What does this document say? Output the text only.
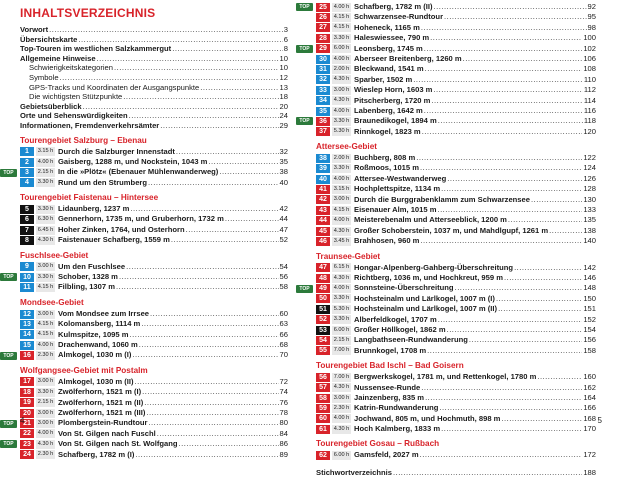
INHALTSVERZEICHNIS
Vorwort .....	3
Übersichtskarte .....	6
Top-Touren im westlichen Salzkammergut .....	8
Allgemeine Hinweise .....	10
Schwierigkeitskategorien .....	10
Symbole .....	12
GPS-Tracks und Koordinaten der Ausgangspunkte .....	13
Die wichtigsten Stützpunkte .....	18
Gebietsüberblick .....	20
Orte und Sehenswürdigkeiten .....	24
Informationen, Fremdenverkehrsämter .....	29
Tourengebiet Salzburg – Ebenau
1	3.15 h Durch die Salzburger Innenstadt .....	32
2	4.00 h Gaisberg, 1288 m, und Nockstein, 1043 m .....	35
TOP	3	2.15 h In die »Plötz« (Ebenauer Mühlenwanderweg) .....	38
4	3.30 h Rund um den Strumberg .....	40
Tourengebiet Faistenau – Hintersee
5	3.30 h Lidaunberg, 1237 m .....	42
6	6.30 h Gennerhorn, 1735 m, und Gruberhorn, 1732 m .....	44
7	6.45 h Hoher Zinken, 1764, und Osterhorn .....	47
8	4.30 h Faistenauer Schafberg, 1559 m .....	52
Fuschlsee-Gebiet
9	3.00 h Um den Fuschlsee .....	54
TOP	10	3.30 h Schober, 1328 m .....	56
11	4.15 h Filbling, 1307 m .....	58
Mondsee-Gebiet
12	3.00 h Vom Mondsee zum Irrsee .....	60
13	4.15 h Kolomansberg, 1114 m .....	63
14	4.15 h Kulmspitze, 1095 m .....	66
15	4.00 h Drachenwand, 1060 m .....	68
TOP	16	2.30 h Almkogel, 1030 m (I) .....	70
Wolfgangsee-Gebiet mit Postalm
17	3.00 h Almkogel, 1030 m (II) .....	72
18	3.30 h Zwölferhorn, 1521 m (I) .....	74
19	2.15 h Zwölferhorn, 1521 m (II) .....	76
20	3.00 h Zwölferhorn, 1521 m (III) .....	78
TOP	21	3.00 h Plombergstein-Rundtour .....	80
22	4.00 h Von St. Gilgen nach Fuschl .....	84
TOP	23	4.30 h Von St. Gilgen nach St. Wolfgang .....	86
24	2.30 h Schafberg, 1782 m (I) .....	89
4
TOP	25	4.00 h Schafberg, 1782 m (II) .....	92
26	4.15 h Schwarzensee-Rundtour .....	95
27	4.15 h Hoheneck, 1165 m .....	98
28	3.30 h Haleswiessee, 790 m .....	100
TOP	29	6.00 h Leonsberg, 1745 m .....	102
30	4.00 h Aberseer Breitenberg, 1260 m .....	106
31	2.00 h Bleckwand, 1541 m .....	108
32	4.30 h Sparber, 1502 m .....	110
33	3.00 h Wieslер Horn, 1603 m .....	112
34	4.30 h Pitscherberg, 1720 m .....	114
35	4.00 h Labenberg, 1642 m .....	116
TOP	36	3.30 h Braunedikogel, 1894 m .....	118
37	5.30 h Rinnkogel, 1823 m .....	120
Attersee-Gebiet
38	2.00 h Buchberg, 808 m .....	122
39	3.30 h Roßmoos, 1015 m .....	124
40	4.00 h Atterseе-Westwanderweg .....	126
41	3.15 h Hochplettspitze, 1134 m .....	128
42	3.00 h Durch die Burggrabenklamm zum Schwarzensee .....	130
43	4.15 h Eisenauer Alm, 1015 m .....	133
44	4.00 h Meisterebenalm und Atterseeblick, 1200 m .....	135
45	4.30 h Großer Schoberstein, 1037 m, und Mahdlgupf, 1261 m .....	138
46	3.45 h Brahhosen, 960 m .....	140
Traunsee-Gebiet
47	6.15 h Hongar-Alpenberg-Gahberg-Überschreitung .....	142
48	4.30 h Richtberg, 1036 m, und Hochkreut, 959 m .....	146
TOP	49	4.00 h Sonnsteine-Überschreitung .....	148
50	3.30 h Hochsteinalm und Lärlkogel, 1007 m (I) .....	150
51	5.30 h Hochsteinalm und Lärlkogel, 1007 m (II) .....	151
52	3.30 h Alberfeldkogel, 1707 m .....	152
53	6.00 h Großer Höllkogel, 1862 m .....	154
54	2.15 h Langbathseen-Rundwanderung .....	156
55	7.00 h Brunnkogel, 1708 m .....	158
Tourengebiet Bad Ischl – Bad Goisern
56	7.00 h Bergwerkskogel, 1781 m, und Rettenkogel, 1780 m .....	160
57	4.30 h Nussensee-Runde .....	162
58	3.00 h Jainzenberg, 835 m .....	164
59	2.30 h Katrin-Rundwanderung .....	166
60	4.00 h Jochwand, 805 m, und Hochmuth, 898 m .....	168
61	4.30 h Hoch Kalmberg, 1833 m .....	170
Tourengebiet Gosau – Rußbach
62	6.00 h Gamsfeld, 2027 m .....	172
Stichwortverzeichnis .....	188
5
